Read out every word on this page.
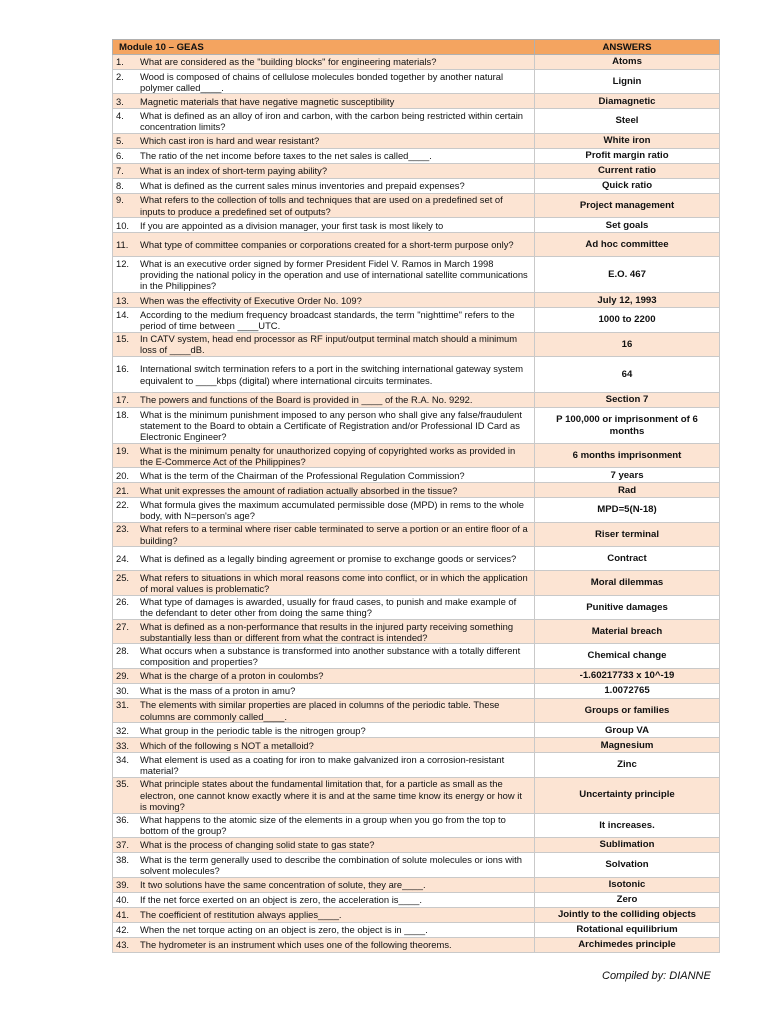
Module 10 – GEAS	ANSWERS

1. What are considered as the "building blocks" for engineering materials?	Atoms

2. Wood is composed of chains of cellulose molecules bonded together by another natural polymer called____.	Lignin

3. Magnetic materials that have negative magnetic susceptibility	Diamagnetic

4. What is defined as an alloy of iron and carbon, with the carbon being restricted within certain concentration limits?	Steel

5. Which cast iron is hard and wear resistant?	White iron

6. The ratio of the net income before taxes to the net sales is called____.	Profit margin ratio

7. What is an index of short-term paying ability?	Current ratio

8. What is defined as the current sales minus inventories and prepaid expenses?	Quick ratio

9. What refers to the collection of tolls and techniques that are used on a predefined set of inputs to produce a predefined set of outputs?	Project management

10. If you are appointed as a division manager, your first task is most likely to	Set goals

11. What type of committee companies or corporations created for a short-term purpose only?	Ad hoc committee

12. What is an executive order signed by former President Fidel V. Ramos in March 1998 providing the national policy in the operation and use of international satellite communications in the Philippines?	E.O. 467

13. When was the effectivity of Executive Order No. 109?	July 12, 1993

14. According to the medium frequency broadcast standards, the term "nighttime" refers to the period of time between ____UTC.	1000 to 2200

15. In CATV system, head end processor as RF input/output terminal match should a minimum loss of ____dB.	16

16. International switch termination refers to a port in the switching international gateway system equivalent to ____kbps (digital) where international circuits terminates.	64

17. The powers and functions of the Board is provided in ____ of the R.A. No. 9292.	Section 7

18. What is the minimum punishment imposed to any person who shall give any false/fraudulent statement to the Board to obtain a Certificate of Registration and/or Professional ID Card as Electronic Engineer?	P 100,000 or imprisonment of 6 months

19. What is the minimum penalty for unauthorized copying of copyrighted works as provided in the E-Commerce Act of the Philippines?	6 months imprisonment

20. What is the term of the Chairman of the Professional Regulation Commission?	7 years

21. What unit expresses the amount of radiation actually absorbed in the tissue?	Rad

22. What formula gives the maximum accumulated permissible dose (MPD) in rems to the whole body, with N=person's age?	MPD=5(N-18)

23. What refers to a terminal where riser cable terminated to serve a portion or an entire floor of a building?	Riser terminal

24. What is defined as a legally binding agreement or promise to exchange goods or services?	Contract

25. What refers to situations in which moral reasons come into conflict, or in which the application of moral values is problematic?	Moral dilemmas

26. What type of damages is awarded, usually for fraud cases, to punish and make example of the defendant to deter other from doing the same thing?	Punitive damages

27. What is defined as a non-performance that results in the injured party receiving something substantially less than or different from what the contract is intended?	Material breach

28. What occurs when a substance is transformed into another substance with a totally different composition and properties?	Chemical change

29. What is the charge of a proton in coulombs?	-1.60217733 x 10^-19

30. What is the mass of a proton in amu?	1.0072765

31. The elements with similar properties are placed in columns of the periodic table. These columns are commonly called____.	Groups or families

32. What group in the periodic table is the nitrogen group?	Group VA

33. Which of the following s NOT a metalloid?	Magnesium

34. What element is used as a coating for iron to make galvanized iron a corrosion-resistant material?	Zinc

35. What principle states about the fundamental limitation that, for a particle as small as the electron, one cannot know exactly where it is and at the same time know its energy or how it is moving?	Uncertainty principle

36. What happens to the atomic size of the elements in a group when you go from the top to bottom of the group?	It increases.

37. What is the process of changing solid state to gas state?	Sublimation

38. What is the term generally used to describe the combination of solute molecules or ions with solvent molecules?	Solvation

39. It two solutions have the same concentration of solute, they are____.	Isotonic

40. If the net force exerted on an object is zero, the acceleration is____.	Zero

41. The coefficient of restitution always applies____.	Jointly to the colliding objects

42. When the net torque acting on an object is zero, the object is in ____.	Rotational equilibrium

43. The hydrometer is an instrument which uses one of the following theorems.	Archimedes principle
Compiled by: DIANNE
